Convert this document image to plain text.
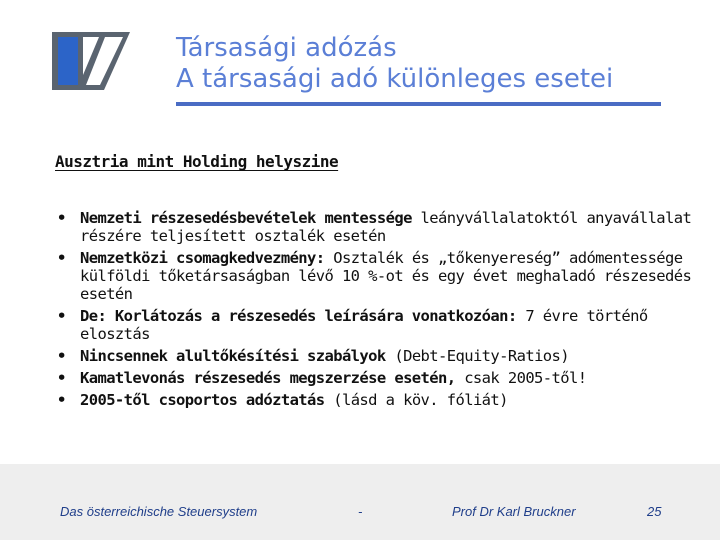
Társasági adózás
A társasági adó különleges esetei
Ausztria mint Holding helyszine
• Nemzeti részesedésbevételek mentessége leányvállalatoktól anyavállalat részére teljesített osztalék esetén
• Nemzetközi csomagkedvezmény: Osztalék és „tőkenyereség” adómentessége külföldi tőketársaságban lévő 10 %-ot és egy évet meghaladó részesedés esetén
• De: Korlátozás a részesedés leírására vonatkozóan: 7 évre történő elosztás
• Nincsennek alultőkésítési szabályok (Debt-Equity-Ratios)
• Kamatlevonás részesedés megszerzése esetén, csak 2005-től!
• 2005-től csoportos adóztatás (lásd a köv. fóliát)
Das österreichische Steuersystem	-	Prof Dr Karl Bruckner	25
